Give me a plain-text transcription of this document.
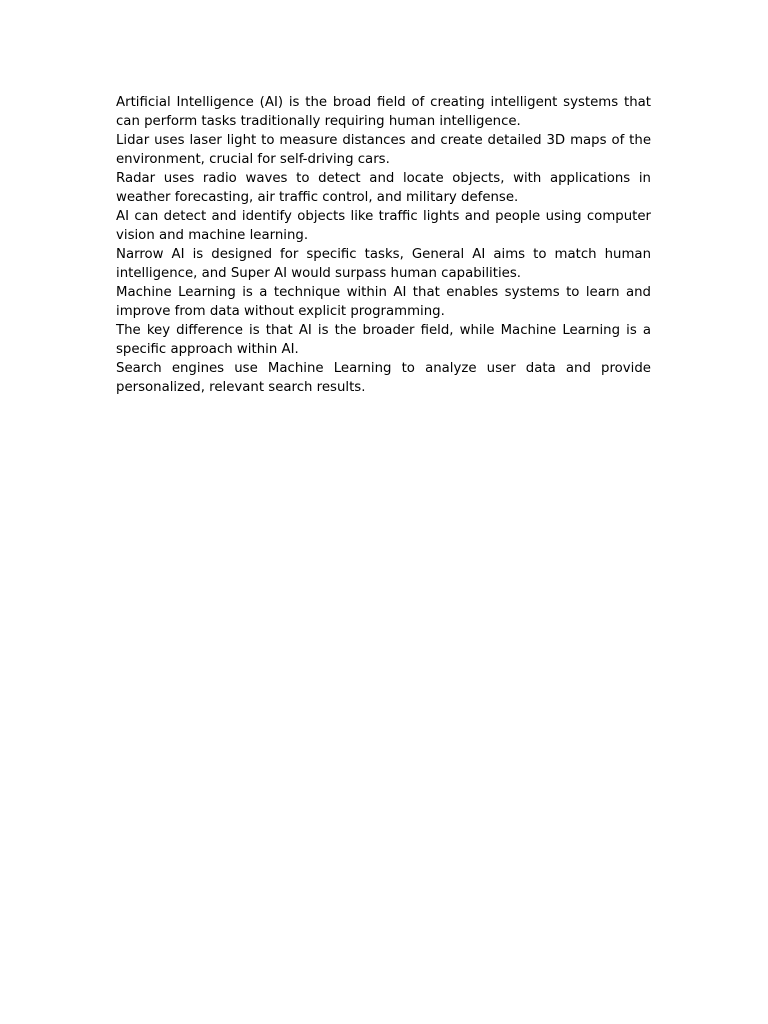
Artificial Intelligence (AI) is the broad field of creating intelligent systems that can perform tasks traditionally requiring human intelligence.

Lidar uses laser light to measure distances and create detailed 3D maps of the environment, crucial for self-driving cars.

Radar uses radio waves to detect and locate objects, with applications in weather forecasting, air traffic control, and military defense.

AI can detect and identify objects like traffic lights and people using computer vision and machine learning.

Narrow AI is designed for specific tasks, General AI aims to match human intelligence, and Super AI would surpass human capabilities.

Machine Learning is a technique within AI that enables systems to learn and improve from data without explicit programming.

The key difference is that AI is the broader field, while Machine Learning is a specific approach within AI.

Search engines use Machine Learning to analyze user data and provide personalized, relevant search results.
